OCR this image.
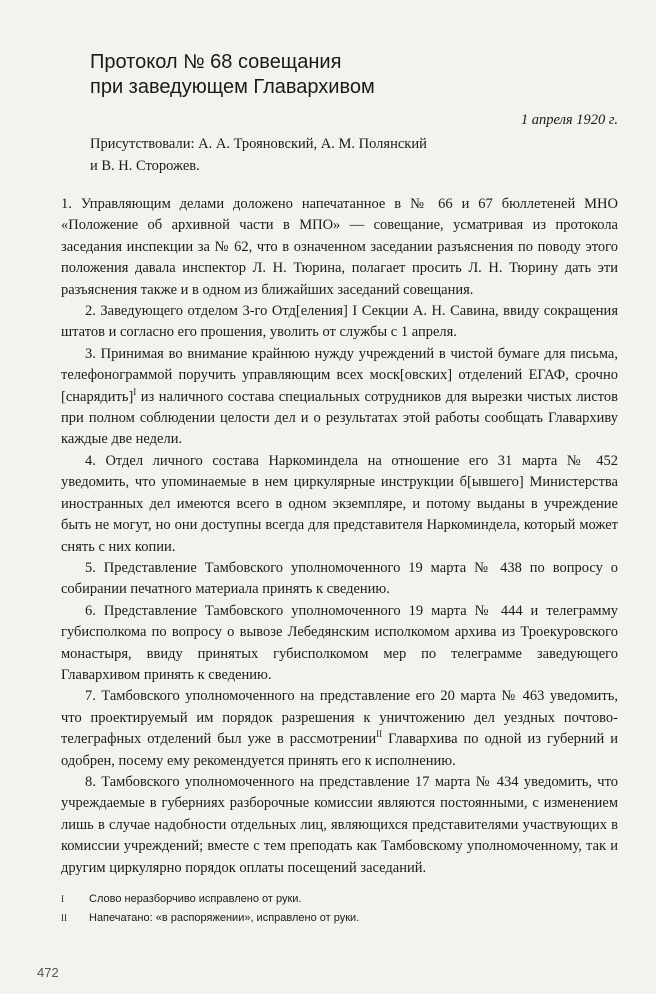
Протокол № 68 совещания
при заведующем Главархивом
1 апреля 1920 г.
Присутствовали: А. А. Трояновский, А. М. Полянский
и В. Н. Сторожев.

1. Управляющим делами доложено напечатанное в № 66 и 67 бюллетеней МНО «Положение об архивной части в МПО» — совещание, усматривая из протокола заседания инспекции за № 62, что в означенном заседании разъяснения по поводу этого положения давала инспектор Л. Н. Тюрина, полагает просить Л. Н. Тюрину дать эти разъяснения также и в одном из ближайших заседаний совещания.

2. Заведующего отделом 3-го Отд[еления] I Секции А. Н. Савина, ввиду сокращения штатов и согласно его прошения, уволить от службы с 1 апреля.

3. Принимая во внимание крайнюю нужду учреждений в чистой бумаге для письма, телефонограммой поручить управляющим всех моск[овских] отделений ЕГАФ, срочно [снарядить]$^I$ из наличного состава специальных сотрудников для вырезки чистых листов при полном соблюдении целости дел и о результатах этой работы сообщать Главархиву каждые две недели.

4. Отдел личного состава Наркоминдела на отношение его 31 марта № 452 уведомить, что упоминаемые в нем циркулярные инструкции б[ывшего] Министерства иностранных дел имеются всего в одном экземпляре, и потому выданы в учреждение быть не могут, но они доступны всегда для представителя Наркоминдела, который может снять с них копии.

5. Представление Тамбовского уполномоченного 19 марта № 438 по вопросу о собирании печатного материала принять к сведению.

6. Представление Тамбовского уполномоченного 19 марта № 444 и телеграмму губисполкома по вопросу о вывозе Лебедянским исполкомом архива из Троекуровского монастыря, ввиду принятых губисполкомом мер по телеграмме заведующего Главархивом принять к сведению.

7. Тамбовского уполномоченного на представление его 20 марта № 463 уведомить, что проектируемый им порядок разрешения к уничтожению дел уездных почтово-телеграфных отделений был уже в рассмотрении$^{II}$ Главархива по одной из губерний и одобрен, посему ему рекомендуется принять его к исполнению.

8. Тамбовского уполномоченного на представление 17 марта № 434 уведомить, что учреждаемые в губерниях разборочные комиссии являются постоянными, с изменением лишь в случае надобности отдельных лиц, являющихся представителями участвующих в комиссии учреждений; вместе с тем преподать как Тамбовскому уполномоченному, так и другим циркулярно порядок оплаты посещений заседаний.

I	Слово неразборчиво исправлено от руки.
II	Напечатано: «в распоряжении», исправлено от руки.
472
